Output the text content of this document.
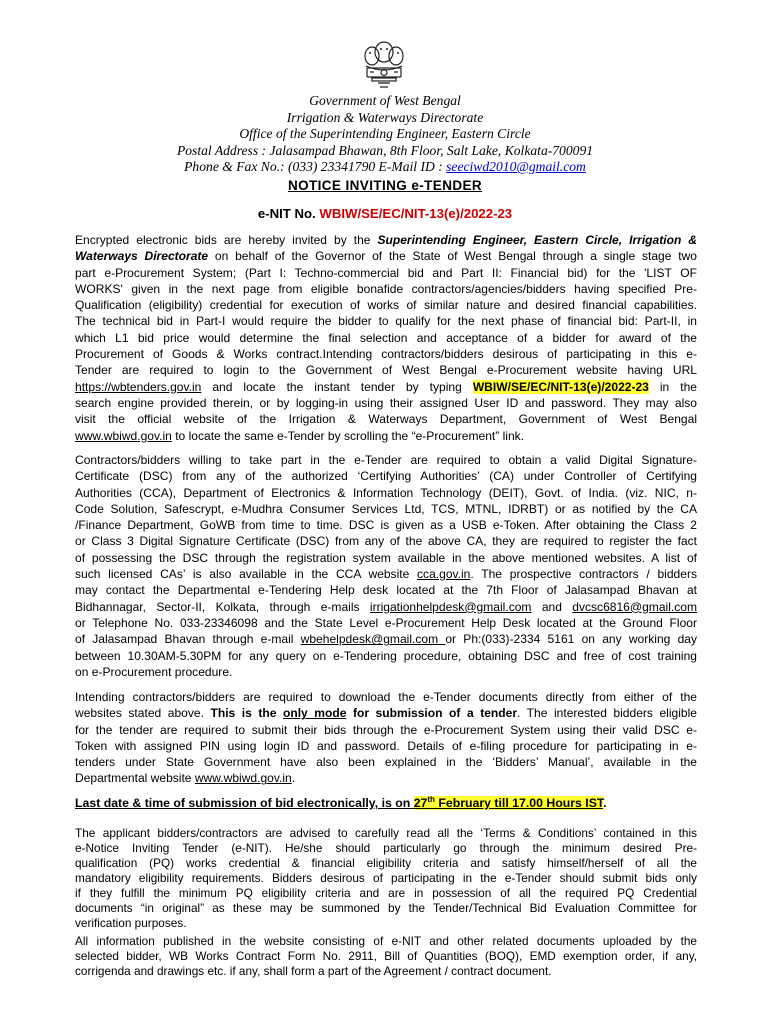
Government of West Bengal
Irrigation & Waterways Directorate
Office of the Superintending Engineer, Eastern Circle
Postal Address : Jalasampad Bhawan, 8th Floor, Salt Lake, Kolkata-700091
Phone & Fax No.: (033) 23341790 E-Mail ID : seeciwd2010@gmail.com
NOTICE INVITING e-TENDER
e-NIT No. WBIW/SE/EC/NIT-13(e)/2022-23
Encrypted electronic bids are hereby invited by the Superintending Engineer, Eastern Circle, Irrigation &
Waterways Directorate on behalf of the Governor of the State of West Bengal through a single stage two
part e-Procurement System; (Part I: Techno-commercial bid and Part II: Financial bid) for the 'LIST OF
WORKS' given in the next page from eligible bonafide contractors/agencies/bidders having specified Pre-
Qualification (eligibility) credential for execution of works of similar nature and desired financial capabilities.
The technical bid in Part-I would require the bidder to qualify for the next phase of financial bid: Part-II, in
which L1 bid price would determine the final selection and acceptance of a bidder for award of the
Procurement of Goods & Works contract.Intending contractors/bidders desirous of participating in this e-
Tender are required to login to the Government of West Bengal e-Procurement website having URL
https://wbtenders.gov.in and locate the instant tender by typing WBIW/SE/EC/NIT-13(e)/2022-23 in the
search engine provided therein, or by logging-in using their assigned User ID and password. They may also
visit the official website of the Irrigation & Waterways Department, Government of West Bengal
www.wbiwd.gov.in to locate the same e-Tender by scrolling the “e-Procurement” link.
Contractors/bidders willing to take part in the e-Tender are required to obtain a valid Digital Signature-
Certificate (DSC) from any of the authorized ‘Certifying Authorities’ (CA) under Controller of Certifying
Authorities (CCA), Department of Electronics & Information Technology (DEIT), Govt. of India. (viz. NIC, n-
Code Solution, Safescrypt, e-Mudhra Consumer Services Ltd, TCS, MTNL, IDRBT) or as notified by the CA
/Finance Department, GoWB from time to time. DSC is given as a USB e-Token. After obtaining the Class 2
or Class 3 Digital Signature Certificate (DSC) from any of the above CA, they are required to register the fact
of possessing the DSC through the registration system available in the above mentioned websites. A list of
such licensed CAs’ is also available in the CCA website cca.gov.in. The prospective contractors / bidders
may contact the Departmental e-Tendering Help desk located at the 7th Floor of Jalasampad Bhavan at
Bidhannagar, Sector-II, Kolkata, through e-mails irrigationhelpdesk@gmail.com and dvcsc6816@gmail.com
or Telephone No. 033-23346098 and the State Level e-Procurement Help Desk located at the Ground Floor
of Jalasampad Bhavan through e-mail wbehelpdesk@gmail.com or Ph:(033)-2334 5161 on any working day
between 10.30AM-5.30PM for any query on e-Tendering procedure, obtaining DSC and free of cost training
on e-Procurement procedure.
Intending contractors/bidders are required to download the e-Tender documents directly from either of the
websites stated above. This is the only mode for submission of a tender. The interested bidders eligible
for the tender are required to submit their bids through the e-Procurement System using their valid DSC e-
Token with assigned PIN using login ID and password. Details of e-filing procedure for participating in e-
tenders under State Government have also been explained in the ‘Bidders’ Manual’, available in the
Departmental website www.wbiwd.gov.in.
Last date & time of submission of bid electronically, is on 27th February till 17.00 Hours IST.
The applicant bidders/contractors are advised to carefully read all the ‘Terms & Conditions’ contained in this
e-Notice Inviting Tender (e-NIT). He/she should particularly go through the minimum desired Pre-
qualification (PQ) works credential & financial eligibility criteria and satisfy himself/herself of all the
mandatory eligibility requirements. Bidders desirous of participating in the e-Tender should submit bids only
if they fulfill the minimum PQ eligibility criteria and are in possession of all the required PQ Credential
documents “in original” as these may be summoned by the Tender/Technical Bid Evaluation Committee for
verification purposes.
All information published in the website consisting of e-NIT and other related documents uploaded by the
selected bidder, WB Works Contract Form No. 2911, Bill of Quantities (BOQ), EMD exemption order, if any,
corrigenda and drawings etc. if any, shall form a part of the Agreement / contract document.
